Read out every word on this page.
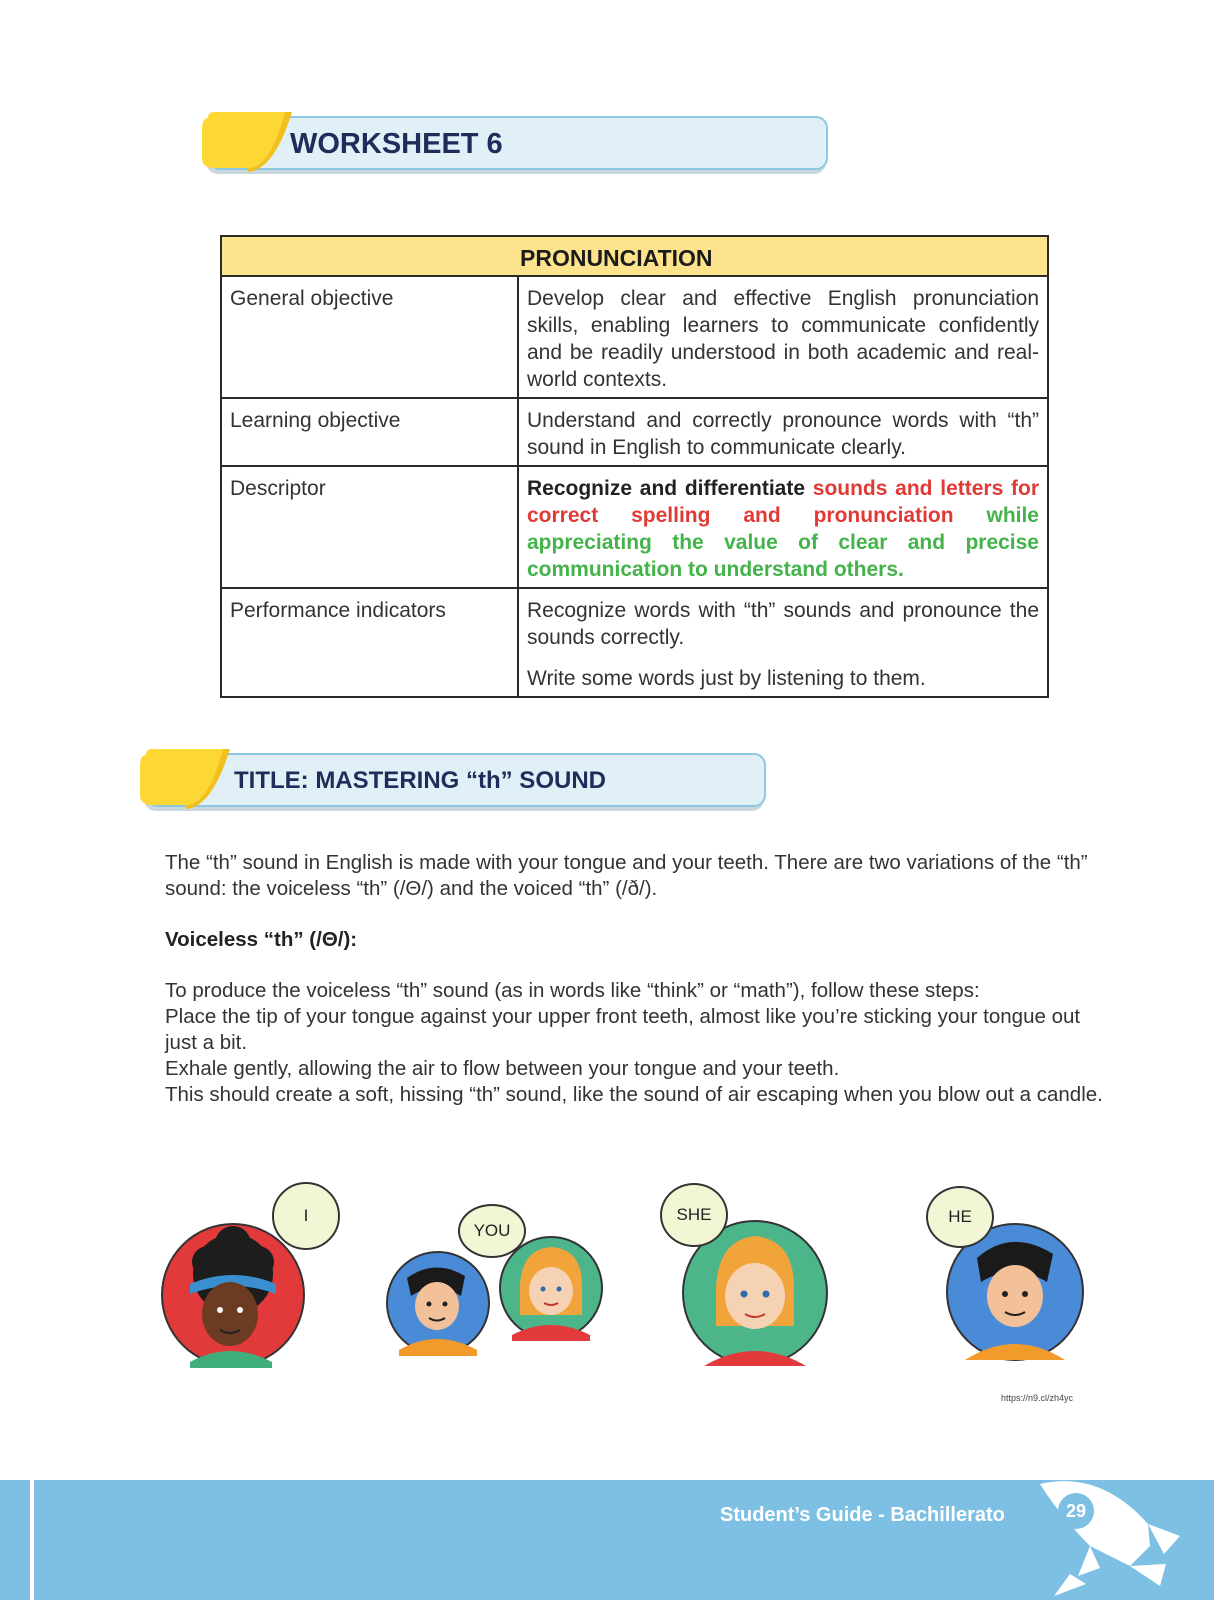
WORKSHEET 6
PRONUNCIATION	
General objective	Develop clear and effective English pronunciation skills, enabling learners to communicate confidently and be readily understood in both academic and real-world contexts.
Learning objective	Understand and correctly pronounce words with “th” sound in English to communicate clearly.
Descriptor	Recognize and differentiate sounds and letters for correct spelling and pronunciation while appreciating the value of clear and precise communication to understand others.
Performance indicators	Recognize words with “th” sounds and pronounce the sounds correctly.
Write some words just by listening to them.
TITLE: MASTERING “th” SOUND
The “th” sound in English is made with your tongue and your teeth. There are two variations of the “th” sound: the voiceless “th” (/Θ/) and the voiced “th” (/ð/).
Voiceless “th” (/Θ/):
To produce the voiceless “th” sound (as in words like “think” or “math”), follow these steps:
Place the tip of your tongue against your upper front teeth, almost like you’re sticking your tongue out just a bit.
Exhale gently, allowing the air to flow between your tongue and your teeth.
This should create a soft, hissing “th” sound, like the sound of air escaping when you blow out a candle.
I
YOU
SHE	HE
https://n9.cl/zh4yc
Student’s Guide - Bachillerato	29
